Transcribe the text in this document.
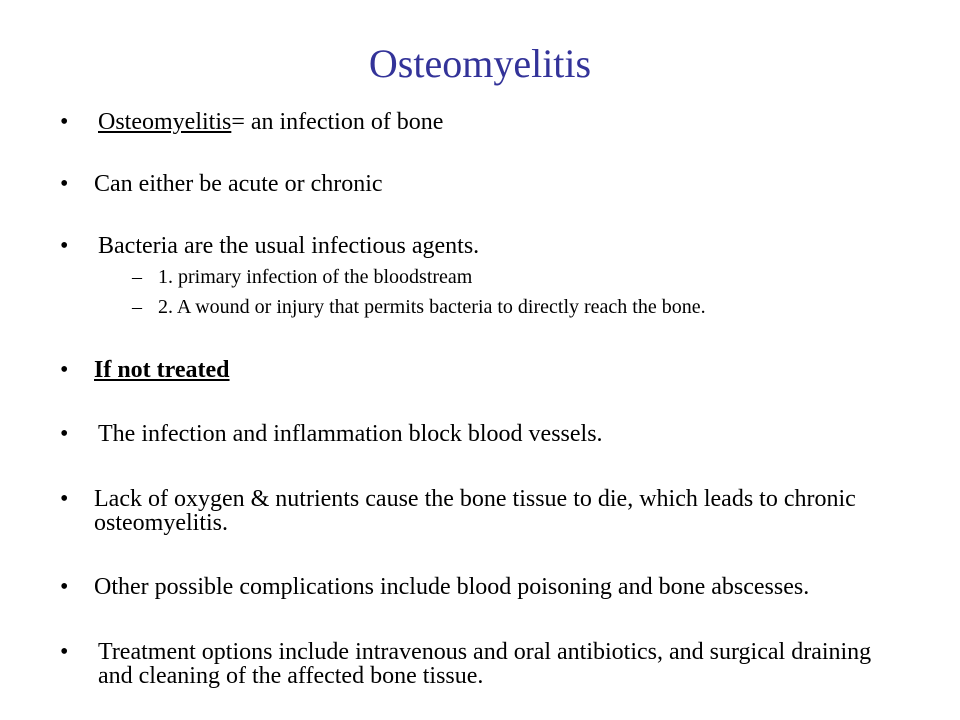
Osteomyelitis
• Osteomyelitis= an infection of bone
• Can either be acute or chronic
• Bacteria are the usual infectious agents.
– 1. primary infection of the bloodstream
– 2. A wound or injury that permits bacteria to directly reach the bone.
• If not treated
• The infection and inflammation block blood vessels.
• Lack of oxygen & nutrients cause the bone tissue to die, which leads to chronic osteomyelitis.
• Other possible complications include blood poisoning and bone abscesses.
• Treatment options include intravenous and oral antibiotics, and surgical draining and cleaning of the affected bone tissue.
